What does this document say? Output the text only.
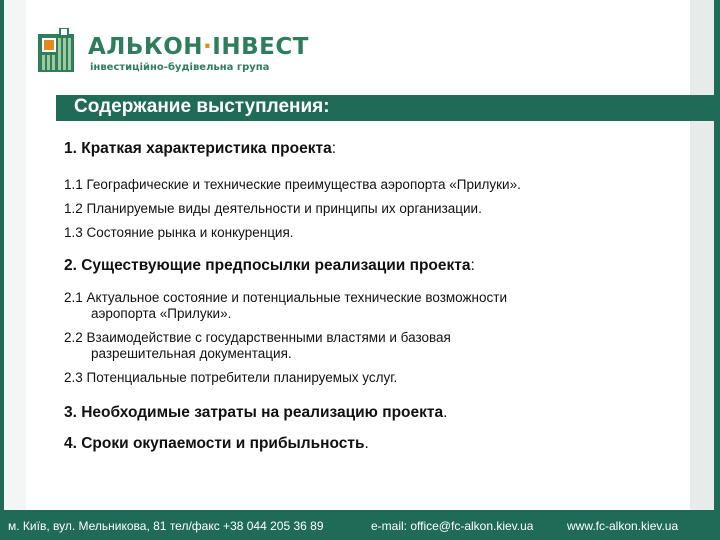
АЛЬКОН·ІНВЕСТ
інвестиційно-будівельна група
Содержание выступления:

1. Краткая характеристика проекта:

1.1 Географические и технические преимущества аэропорта «Прилуки».

1.2 Планируемые виды деятельности и принципы их организации.

1.3 Состояние рынка и конкуренция.

2. Существующие предпосылки реализации проекта:

2.1 Актуальное состояние и потенциальные технические возможности
аэропорта «Прилуки».

2.2 Взаимодействие с государственными властями и базовая
разрешительная документация.

2.3 Потенциальные потребители планируемых услуг.

3. Необходимые затраты на реализацию проекта.

4. Сроки окупаемости и прибыльность.

м. Київ, вул. Мельникова, 81 тел/факс +38 044 205 36 89	e-mail: office@fc-alkon.kiev.ua	www.fc-alkon.kiev.ua
